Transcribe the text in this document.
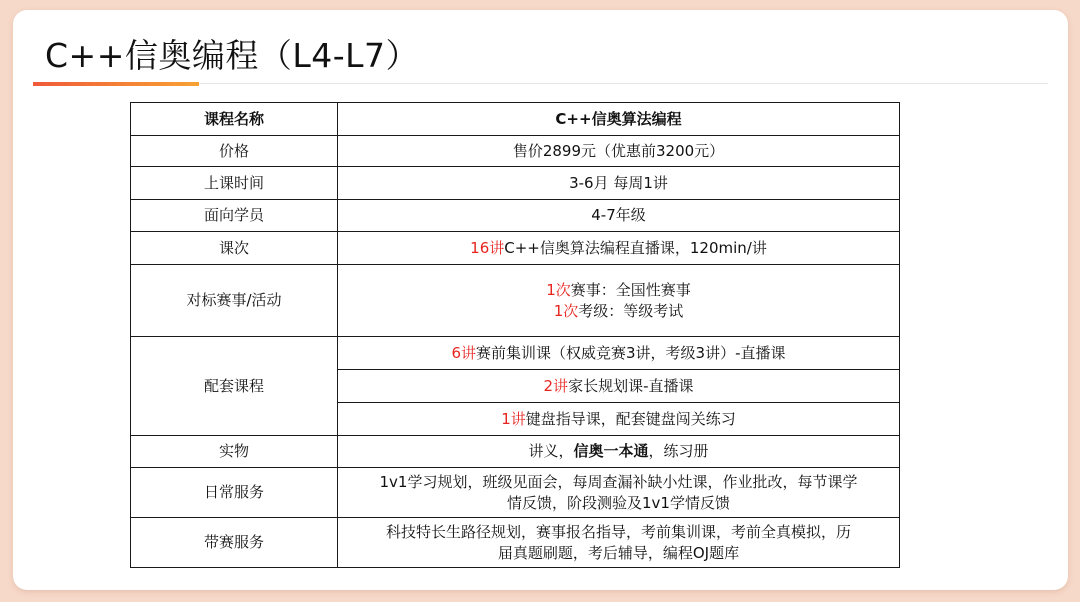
C++信奥编程（L4-L7）
课程名称	C++信奥算法编程
价格	售价2899元（优惠前3200元）
上课时间	3-6月 每周1讲
面向学员	4-7年级
课次	16讲C++信奥算法编程直播课，120min/讲
对标赛事/活动	1次赛事：全国性赛事
1次考级：等级考试

配套课程	6讲赛前集训课（权威竞赛3讲，考级3讲）-直播课
	2讲家长规划课-直播课
	1讲键盘指导课，配套键盘闯关练习
实物	讲义，信奥一本通，练习册
日常服务	1v1学习规划，班级见面会，每周查漏补缺小灶课，作业批改，每节课学
情反馈，阶段测验及1v1学情反馈

带赛服务	科技特长生路径规划，赛事报名指导，考前集训课，考前全真模拟，历
届真题刷题，考后辅导，编程OJ题库
